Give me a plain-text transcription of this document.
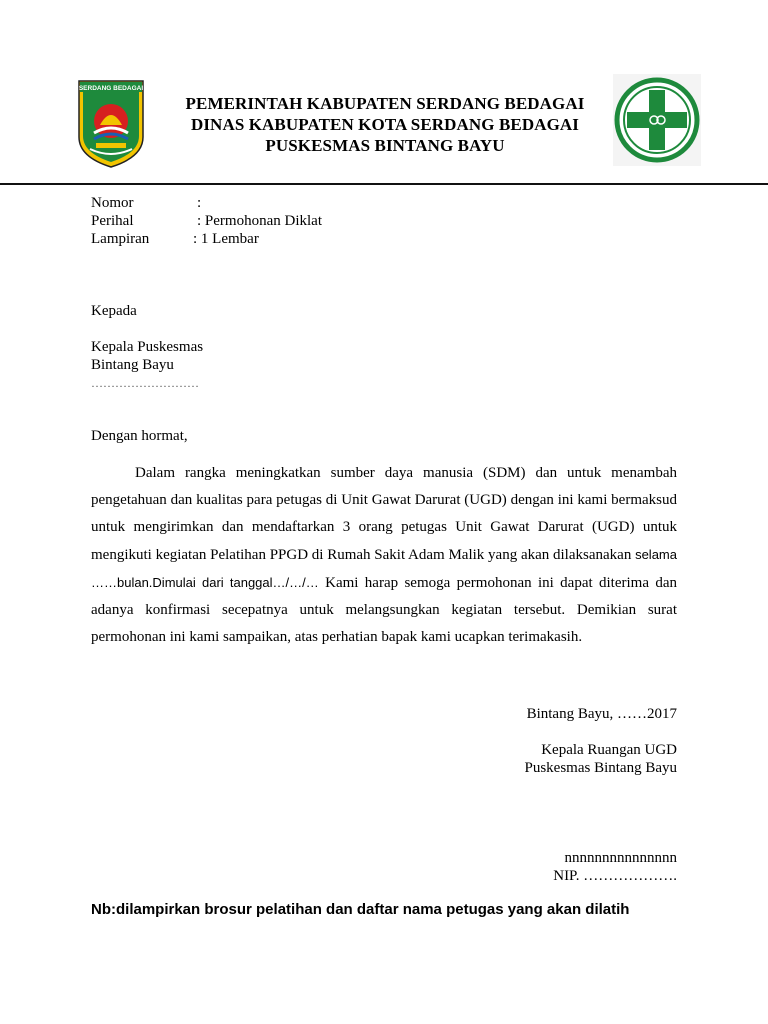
SERDANG BEDAGAI
PEMERINTAH KABUPATEN SERDANG BEDAGAI
DINAS KABUPATEN KOTA SERDANG BEDAGAI
PUSKESMAS BINTANG BAYU
Nomor	:
Perihal	: Permohonan Diklat
Lampiran	: 1 Lembar
Kepada
Kepala Puskesmas
Bintang Bayu
………………………
Dengan hormat,
Dalam rangka meningkatkan sumber daya manusia (SDM) dan untuk menambah pengetahuan dan kualitas para petugas di Unit Gawat Darurat (UGD) dengan ini kami bermaksud untuk mengirimkan dan mendaftarkan 3 orang petugas Unit Gawat Darurat (UGD) untuk mengikuti kegiatan Pelatihan PPGD di Rumah Sakit Adam Malik yang akan dilaksanakan selama ……bulan.Dimulai dari tanggal…/…/… Kami harap semoga permohonan ini dapat diterima dan adanya konfirmasi secepatnya untuk melangsungkan kegiatan tersebut. Demikian surat permohonan ini kami sampaikan, atas perhatian bapak kami ucapkan terimakasih.
Bintang Bayu, ……2017
Kepala Ruangan UGD
Puskesmas Bintang Bayu
nnnnnnnnnnnnnnn
NIP. ……………….
Nb:dilampirkan brosur pelatihan dan daftar nama petugas yang akan dilatih
